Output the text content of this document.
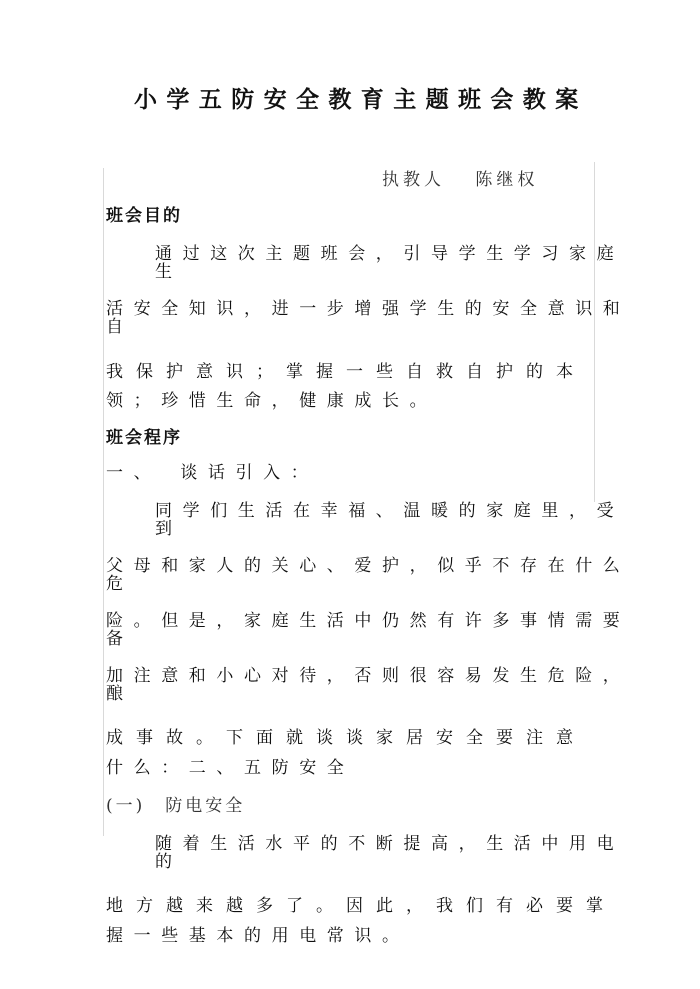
小学五防安全教育主题班会教案
执教人　 陈继权
班会目的
通过这次主题班会，引导学生学习家庭
生
活安全知识，进一步增强学生的安全意识和
自
我保护意识；掌握一些自救自护的本
领；珍惜生命，健康成长。
班会程序
一、　谈话引入：
同学们生活在幸福、温暖的家庭里，受
到
父母和家人的关心、爱护，似乎不存在什么
危
险。但是，家庭生活中仍然有许多事情需要
备
加注意和小心对待，否则很容易发生危险，
酿
成事故。下面就谈谈家居安全要注意
什么：二、五防安全
(一)　防电安全
随着生活水平的不断提高，生活中用电
的
地方越来越多了。因此，我们有必要掌
握一些基本的用电常识。
